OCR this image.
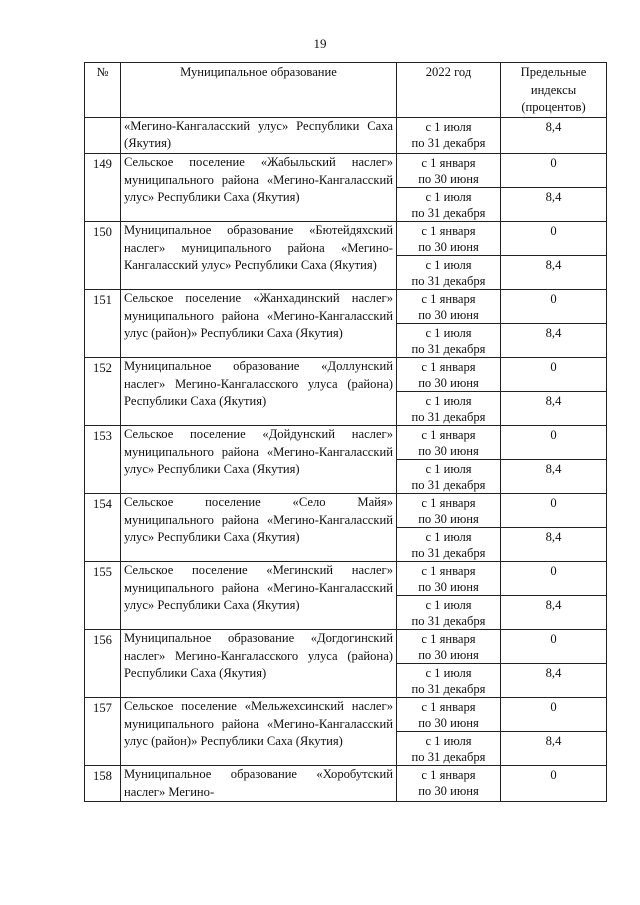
19
№	Муниципальное образование	2022 год	Предельные индексы (процентов)
	«Мегино-Кангаласский улус» Республики Саха (Якутия)	с 1 июля
по 31 декабря	8,4
149	Сельское поселение «Жабыльский наслег» муниципального района «Мегино-Кангаласский улус» Республики Саха (Якутия)	с 1 января
по 30 июня	0

		с 1 июля
по 31 декабря	8,4
150	Муниципальное образование «Бютейдяхский наслег» муниципального района «Мегино-Кангаласский улус» Республики Саха (Якутия)	с 1 января
по 30 июня	0

		с 1 июля
по 31 декабря	8,4
151	Сельское поселение «Жанхадинский наслег» муниципального района «Мегино-Кангаласский улус (район)» Республики Саха (Якутия)	с 1 января
по 30 июня	0

		с 1 июля
по 31 декабря	8,4
152	Муниципальное образование «Доллунский наслег» Мегино-Кангаласского улуса (района) Республики Саха (Якутия)	с 1 января
по 30 июня	0

		с 1 июля
по 31 декабря	8,4
153	Сельское поселение «Дойдунский наслег» муниципального района «Мегино-Кангаласский улус» Республики Саха (Якутия)	с 1 января
по 30 июня	0

		с 1 июля
по 31 декабря	8,4
154	Сельское поселение «Село Майя» муниципального района «Мегино-Кангаласский улус» Республики Саха (Якутия)	с 1 января
по 30 июня	0

		с 1 июля
по 31 декабря	8,4
155	Сельское поселение «Мегинский наслег» муниципального района «Мегино-Кангаласский улус» Республики Саха (Якутия)	с 1 января
по 30 июня	0

		с 1 июля
по 31 декабря	8,4
156	Муниципальное образование «Догдогинский наслег» Мегино-Кангаласского улуса (района) Республики Саха (Якутия)	с 1 января
по 30 июня	0

		с 1 июля
по 31 декабря	8,4
157	Сельское поселение «Мельжехсинский наслег» муниципального района «Мегино-Кангаласский улус (район)» Республики Саха (Якутия)	с 1 января
по 30 июня	0

		с 1 июля
по 31 декабря	8,4
158	Муниципальное образование «Хоробутский наслег» Мегино-	с 1 января
по 30 июня	0
